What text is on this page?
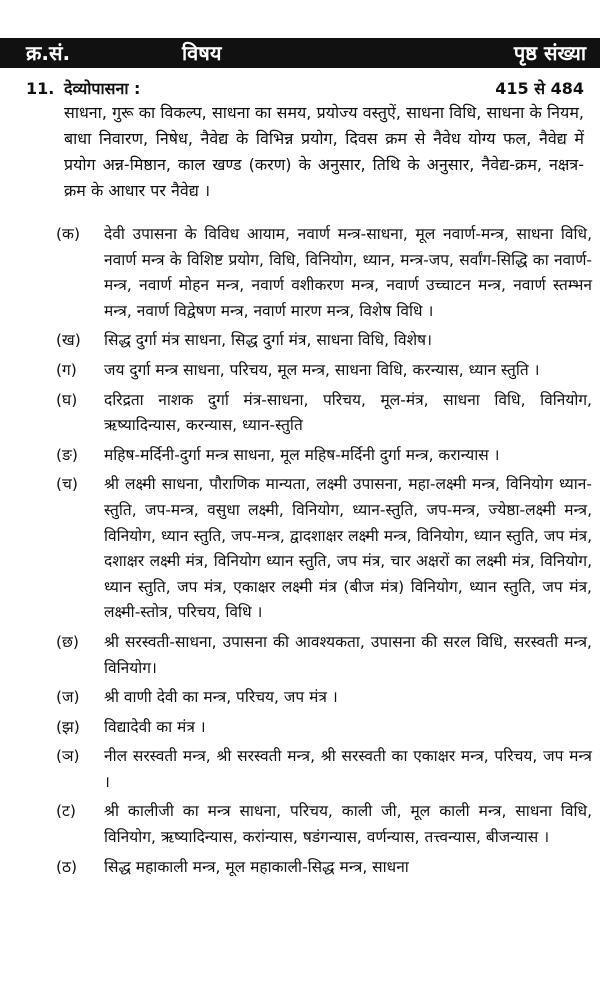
क्र.सं.	विषय	पृष्ठ संख्या
11. देव्योपासना :	415 से 484
साधना, गुरू का विकल्प, साधना का समय, प्रयोज्य वस्तुऐं, साधना विधि, साधना के नियम, बाधा निवारण, निषेध, नैवेद्य के विभिन्न प्रयोग, दिवस क्रम से नैवेध योग्य फल, नैवेद्य में प्रयोग अन्न-मिष्ठान, काल खण्ड (करण) के अनुसार, तिथि के अनुसार, नैवेद्य-क्रम, नक्षत्र-क्रम के आधार पर नैवेद्य ।
(क)	देवी उपासना के विविध आयाम, नवार्ण मन्त्र-साधना, मूल नवार्ण-मन्त्र, साधना विधि, नवार्ण मन्त्र के विशिष्ट प्रयोग, विधि, विनियोग, ध्यान, मन्त्र-जप, सर्वांग-सिद्धि का नवार्ण-मन्त्र, नवार्ण मोहन मन्त्र, नवार्ण वशीकरण मन्त्र, नवार्ण उच्चाटन मन्त्र, नवार्ण स्तम्भन मन्त्र, नवार्ण विद्वेषण मन्त्र, नवार्ण मारण मन्त्र, विशेष विधि ।
(ख)	सिद्ध दुर्गा मंत्र साधना, सिद्ध दुर्गा मंत्र, साधना विधि, विशेष।
(ग)	जय दुर्गा मन्त्र साधना, परिचय, मूल मन्त्र, साधना विधि, करन्यास, ध्यान स्तुति ।
(घ)	दरिद्रता नाशक दुर्गा मंत्र-साधना, परिचय, मूल-मंत्र, साधना विधि, विनियोग, ऋष्यादिन्यास, करन्यास, ध्यान-स्तुति
(ङ)	महिष-मर्दिनी-दुर्गा मन्त्र साधना, मूल महिष-मर्दिनी दुर्गा मन्त्र, करान्यास ।
(च)	श्री लक्ष्मी साधना, पौराणिक मान्यता, लक्ष्मी उपासना, महा-लक्ष्मी मन्त्र, विनियोग ध्यान-स्तुति, जप-मन्त्र, वसुधा लक्ष्मी, विनियोग, ध्यान-स्तुति, जप-मन्त्र, ज्येष्ठा-लक्ष्मी मन्त्र, विनियोग, ध्यान स्तुति, जप-मन्त्र, द्वादशाक्षर लक्ष्मी मन्त्र, विनियोग, ध्यान स्तुति, जप मंत्र, दशाक्षर लक्ष्मी मंत्र, विनियोग ध्यान स्तुति, जप मंत्र, चार अक्षरों का लक्ष्मी मंत्र, विनियोग, ध्यान स्तुति, जप मंत्र, एकाक्षर लक्ष्मी मंत्र (बीज मंत्र) विनियोग, ध्यान स्तुति, जप मंत्र, लक्ष्मी-स्तोत्र, परिचय, विधि ।
(छ)	श्री सरस्वती-साधना, उपासना की आवश्यकता, उपासना की सरल विधि, सरस्वती मन्त्र, विनियोग।
(ज)	श्री वाणी देवी का मन्त्र, परिचय, जप मंत्र ।
(झ)	विद्यादेवी का मंत्र ।
(ञ)	नील सरस्वती मन्त्र, श्री सरस्वती मन्त्र, श्री सरस्वती का एकाक्षर मन्त्र, परिचय, जप मन्त्र ।
(ट)	श्री कालीजी का मन्त्र साधना, परिचय, काली जी, मूल काली मन्त्र, साधना विधि, विनियोग, ऋष्यादिन्यास, करांन्यास, षडंगन्यास, वर्णन्यास, तत्त्वन्यास, बीजन्यास ।
(ठ)	सिद्ध महाकाली मन्त्र, मूल महाकाली-सिद्ध मन्त्र, साधना
